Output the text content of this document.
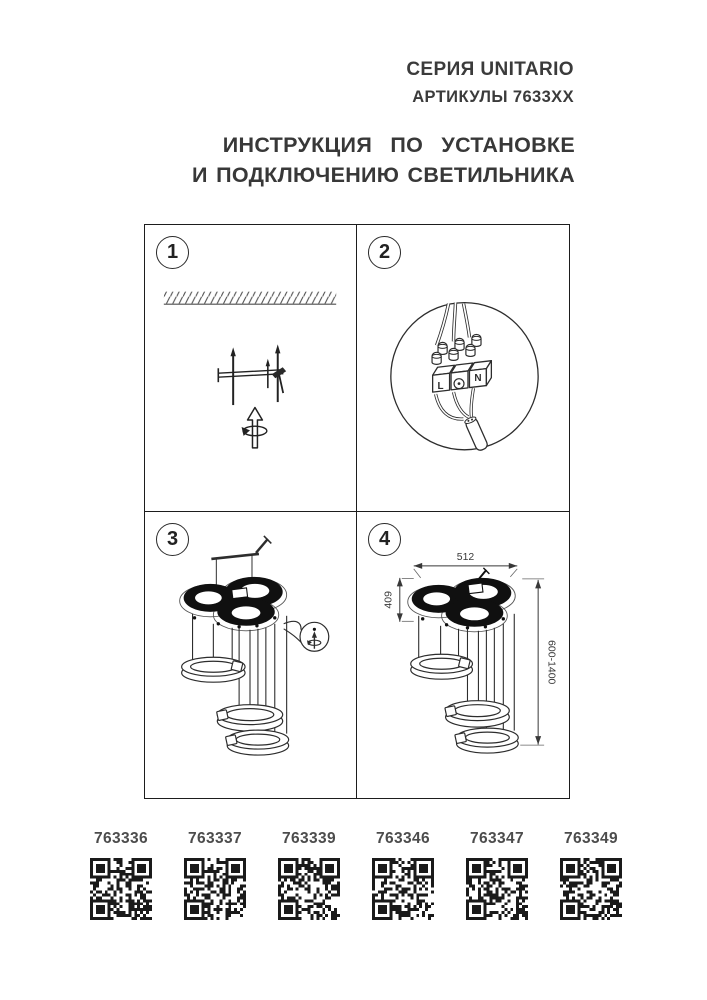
СЕРИЯ UNITARIO
АРТИКУЛЫ 7633ХХ
ИНСТРУКЦИЯ ПО УСТАНОВКЕ
И ПОДКЛЮЧЕНИЮ СВЕТИЛЬНИКА
1	2
L
N
3	4
512
409
600-1400
763336	763337	763339	763346	763347	763349
